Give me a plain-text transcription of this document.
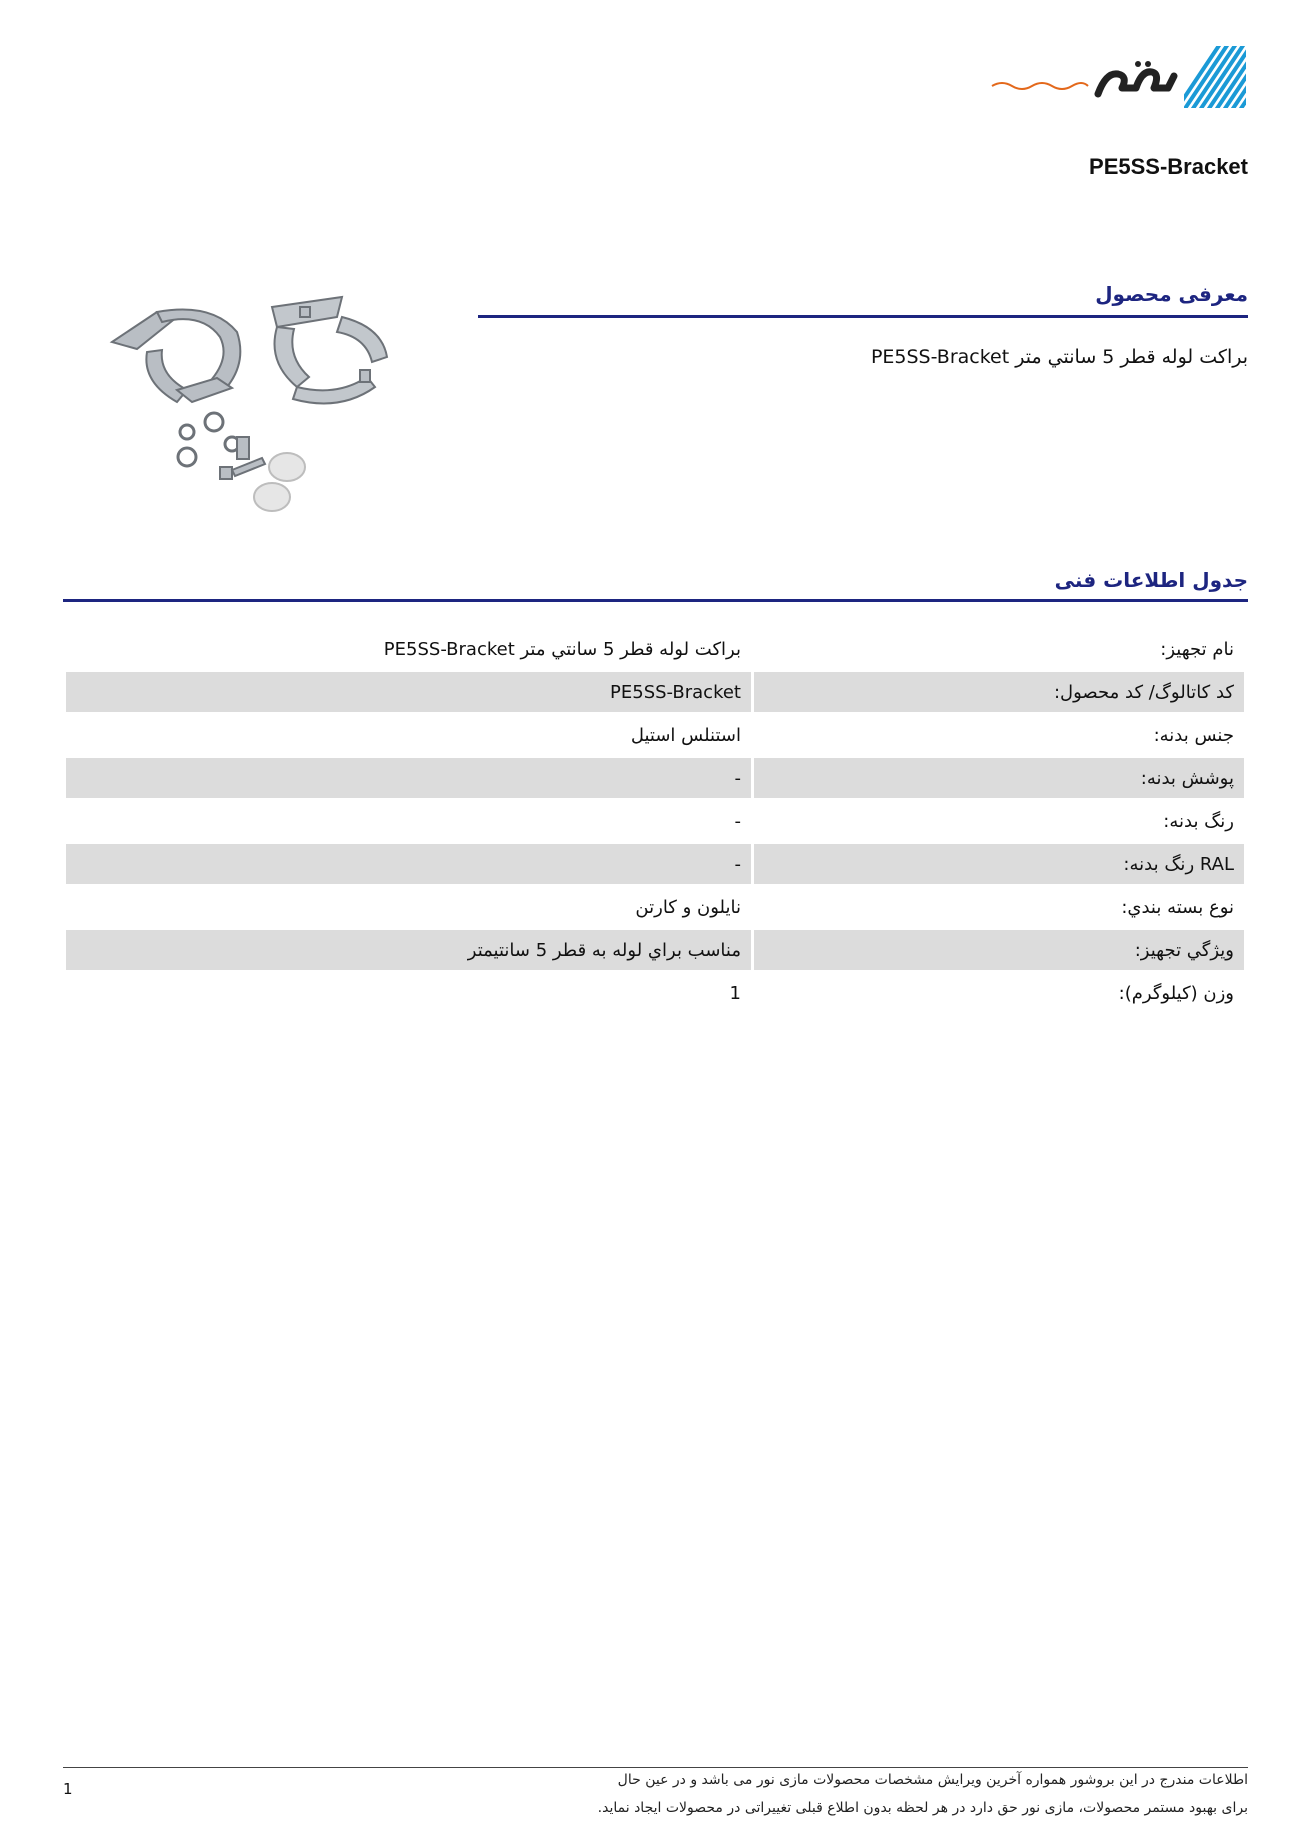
PE5SS-Bracket
معرفی محصول
براكت لوله قطر 5 سانتي متر PE5SS-Bracket
جدول اطلاعات فنی
نام تجهیز:	براكت لوله قطر 5 سانتي متر PE5SS-Bracket
کد کاتالوگ/ کد محصول:	PE5SS-Bracket
جنس بدنه:	استنلس استیل
پوشش بدنه:	-
رنگ بدنه:	-
RAL رنگ بدنه:	-
نوع بسته بندي:	نايلون و كارتن
ويژگي تجهیز:	مناسب براي لوله به قطر 5 سانتيمتر
وزن (کیلوگرم):	1
اطلاعات مندرج در این بروشور همواره آخرین ویرایش مشخصات محصولات مازی نور می باشد و در عین حال
برای بهبود مستمر محصولات، مازی نور حق دارد در هر لحظه بدون اطلاع قبلی تغییراتی در محصولات ایجاد نماید.
1
